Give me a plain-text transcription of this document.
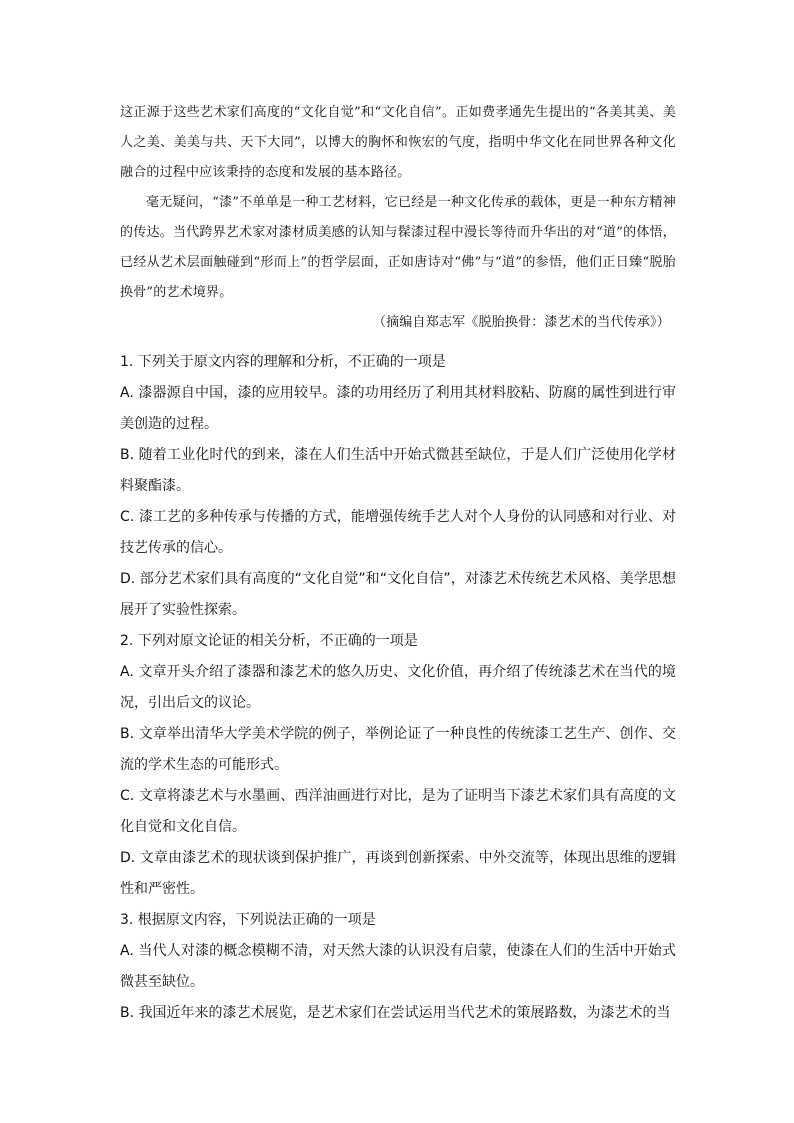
这正源于这些艺术家们高度的“文化自觉”和“文化自信”。正如费孝通先生提出的“各美其美、美人之美、美美与共、天下大同”，以博大的胸怀和恢宏的气度，指明中华文化在同世界各种文化融合的过程中应该秉持的态度和发展的基本路径。

毫无疑问，“漆”不单单是一种工艺材料，它已经是一种文化传承的载体，更是一种东方精神的传达。当代跨界艺术家对漆材质美感的认知与髹漆过程中漫长等待而升华出的对“道”的体悟，已经从艺术层面触碰到“形而上”的哲学层面，正如唐诗对“佛”与“道”的参悟，他们正日臻“脱胎换骨”的艺术境界。

（摘编自郑志军《脱胎换骨：漆艺术的当代传承》）

1. 下列关于原文内容的理解和分析，不正确的一项是

A. 漆器源自中国，漆的应用较早。漆的功用经历了利用其材料胶粘、防腐的属性到进行审美创造的过程。

B. 随着工业化时代的到来，漆在人们生活中开始式微甚至缺位，于是人们广泛使用化学材料聚酯漆。

C. 漆工艺的多种传承与传播的方式，能增强传统手艺人对个人身份的认同感和对行业、对技艺传承的信心。

D. 部分艺术家们具有高度的“文化自觉”和“文化自信”，对漆艺术传统艺术风格、美学思想展开了实验性探索。

2. 下列对原文论证的相关分析，不正确的一项是

A. 文章开头介绍了漆器和漆艺术的悠久历史、文化价值，再介绍了传统漆艺术在当代的境况，引出后文的议论。

B. 文章举出清华大学美术学院的例子，举例论证了一种良性的传统漆工艺生产、创作、交流的学术生态的可能形式。

C. 文章将漆艺术与水墨画、西洋油画进行对比，是为了证明当下漆艺术家们具有高度的文化自觉和文化自信。

D. 文章由漆艺术的现状谈到保护推广，再谈到创新探索、中外交流等，体现出思维的逻辑性和严密性。

3. 根据原文内容，下列说法正确的一项是

A. 当代人对漆的概念模糊不清，对天然大漆的认识没有启蒙，使漆在人们的生活中开始式微甚至缺位。

B. 我国近年来的漆艺术展览，是艺术家们在尝试运用当代艺术的策展路数，为漆艺术的当
